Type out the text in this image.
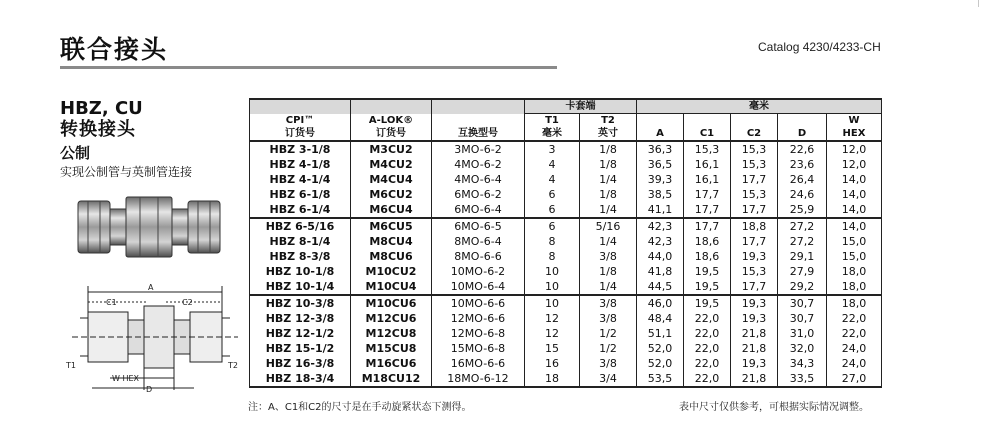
联合接头	Catalog 4230/4233-CH
HBZ, CU
转换接头
公制
实现公制管与英制管连接
A
C1	C2
T1	T2
W HEX
D
			卡套端		毫米				
CPI™	A-LOK®		T1	T2					W
订货号	订货号	互换型号	毫米	英寸	A	C1	C2	D	HEX
HBZ 3-1/8	M3CU2	3MO-6-2	3	1/8	36,3	15,3	15,3	22,6	12,0
HBZ 4-1/8	M4CU2	4MO-6-2	4	1/8	36,5	16,1	15,3	23,6	12,0
HBZ 4-1/4	M4CU4	4MO-6-4	4	1/4	39,3	16,1	17,7	26,4	14,0
HBZ 6-1/8	M6CU2	6MO-6-2	6	1/8	38,5	17,7	15,3	24,6	14,0
HBZ 6-1/4	M6CU4	6MO-6-4	6	1/4	41,1	17,7	17,7	25,9	14,0
HBZ 6-5/16	M6CU5	6MO-6-5	6	5/16	42,3	17,7	18,8	27,2	14,0
HBZ 8-1/4	M8CU4	8MO-6-4	8	1/4	42,3	18,6	17,7	27,2	15,0
HBZ 8-3/8	M8CU6	8MO-6-6	8	3/8	44,0	18,6	19,3	29,1	15,0
HBZ 10-1/8	M10CU2	10MO-6-2	10	1/8	41,8	19,5	15,3	27,9	18,0
HBZ 10-1/4	M10CU4	10MO-6-4	10	1/4	44,5	19,5	17,7	29,2	18,0
HBZ 10-3/8	M10CU6	10MO-6-6	10	3/8	46,0	19,5	19,3	30,7	18,0
HBZ 12-3/8	M12CU6	12MO-6-6	12	3/8	48,4	22,0	19,3	30,7	22,0
HBZ 12-1/2	M12CU8	12MO-6-8	12	1/2	51,1	22,0	21,8	31,0	22,0
HBZ 15-1/2	M15CU8	15MO-6-8	15	1/2	52,0	22,0	21,8	32,0	24,0
HBZ 16-3/8	M16CU6	16MO-6-6	16	3/8	52,0	22,0	19,3	34,3	24,0
HBZ 18-3/4	M18CU12	18MO-6-12	18	3/4	53,5	22,0	21,8	33,5	27,0
注：A、C1和C2的尺寸是在手动旋紧状态下测得。	表中尺寸仅供参考，可根据实际情况调整。
